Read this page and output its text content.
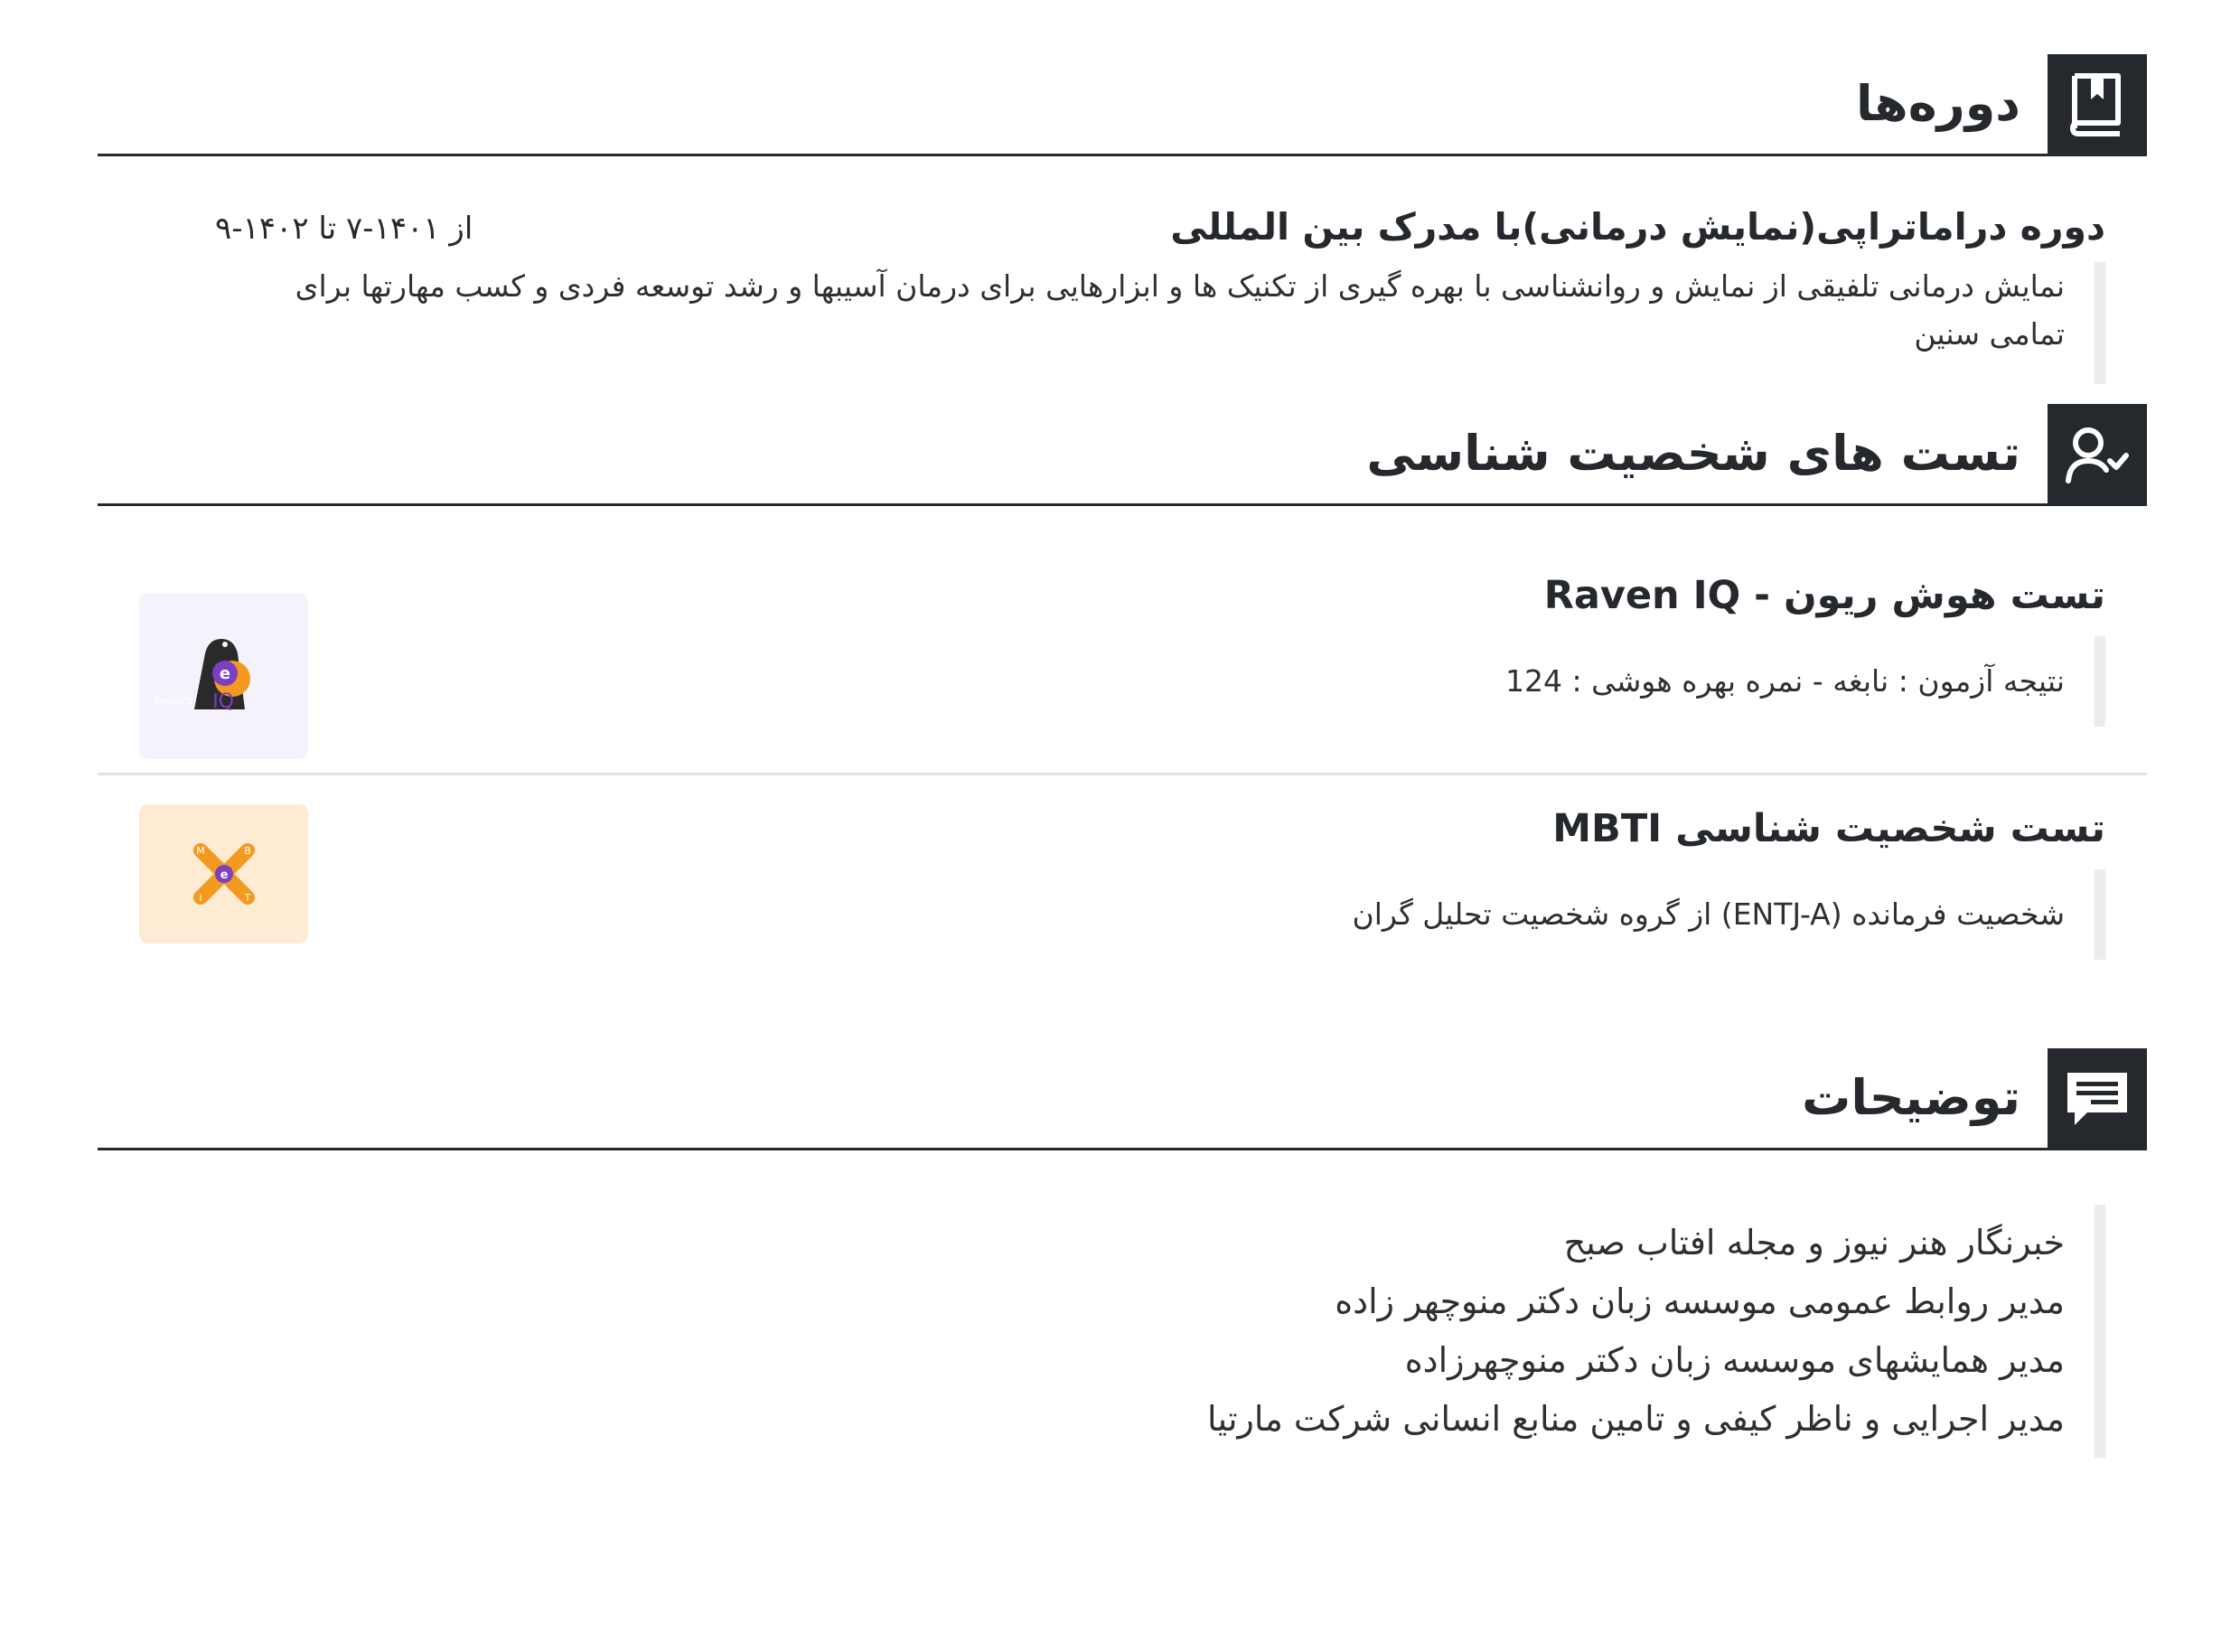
دوره‌ها
دوره دراماتراپی(نمایش درمانی)با مدرک بین المللی
از ۱۴۰۱-۷ تا ۱۴۰۲-۹
نمایش درمانی تلفیقی از نمایش و روانشناسی با بهره گیری از تکنیک ها و ابزارهایی برای درمان آسیبها و رشد توسعه فردی و کسب مهارتها برای تمامی سنین
تست های شخصیت شناسی
تست هوش ریون - Raven IQ
نتیجه آزمون : نابغه - نمره بهره هوشی : 124
e
RAVEN'S IQ
تست شخصیت شناسی MBTI
شخصیت فرمانده (ENTJ-A) از گروه شخصیت تحلیل گران
e
M	B
T
I
توضیحات
خبرنگار هنر نیوز و مجله افتاب صبح
مدیر روابط عمومی موسسه زبان دکتر منوچهر زاده
مدیر همایشهای موسسه زبان دکتر منوچهرزاده
مدیر اجرایی و ناظر کیفی و تامین منابع انسانی شرکت مارتیا
